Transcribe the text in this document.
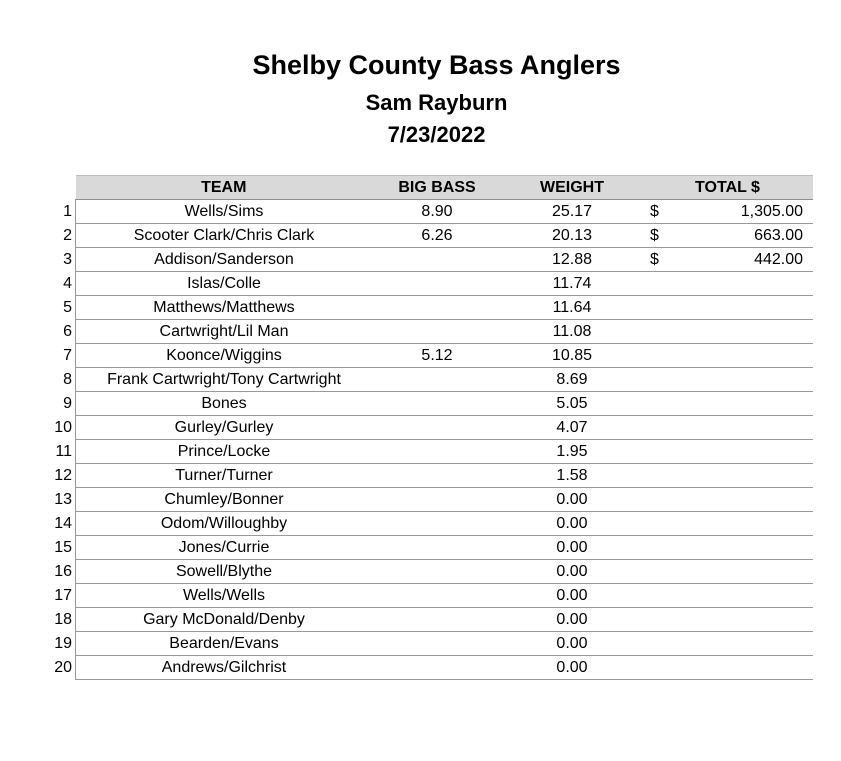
Shelby County Bass Anglers
Sam Rayburn
7/23/2022
	TEAM	BIG BASS	WEIGHT	TOTAL $	
1	Wells/Sims	8.90	25.17	$	1,305.00
2	Scooter Clark/Chris Clark	6.26	20.13	$	663.00
3	Addison/Sanderson		12.88	$	442.00
4	Islas/Colle		11.74		
5	Matthews/Matthews		11.64		
6	Cartwright/Lil Man		11.08		
7	Koonce/Wiggins	5.12	10.85		
8	Frank Cartwright/Tony Cartwright		8.69		
9	Bones		5.05		
10	Gurley/Gurley		4.07		
11	Prince/Locke		1.95		
12	Turner/Turner		1.58		
13	Chumley/Bonner		0.00		
14	Odom/Willoughby		0.00		
15	Jones/Currie		0.00		
16	Sowell/Blythe		0.00		
17	Wells/Wells		0.00		
18	Gary McDonald/Denby		0.00		
19	Bearden/Evans		0.00		
20	Andrews/Gilchrist		0.00		
